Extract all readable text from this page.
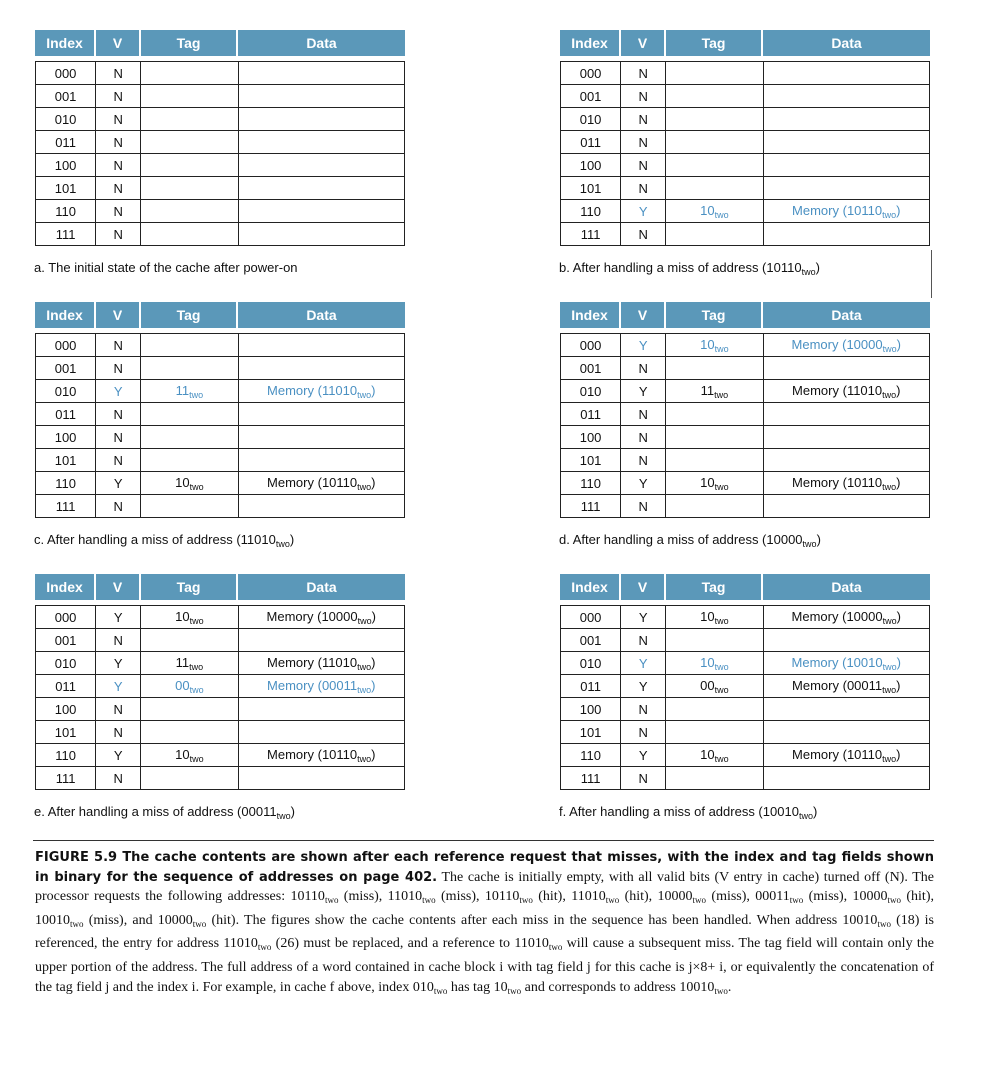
Index	V	Tag	Data
000	N		
001	N		
010	N		
011	N		
100	N		
101	N		
110	N		
111	N		
Index	V	Tag	Data
000	N		
001	N		
010	N		
011	N		
100	N		
101	N		
110	Y	$10_{two}$	Memory $(10110_{two})$
111	N		
Index	V	Tag	Data
000	N		
001	N		
010	Y	$11_{two}$	Memory $(11010_{two})$
011	N		
100	N		
101	N		
110	Y	$10_{two}$	Memory $(10110_{two})$
111	N		
Index	V	Tag	Data
000	Y	$10_{two}$	Memory $(10000_{two})$
001	N		
010	Y	$11_{two}$	Memory $(11010_{two})$
011	N		
100	N		
101	N		
110	Y	$10_{two}$	Memory $(10110_{two})$
111	N		
Index	V	Tag	Data
000	Y	$10_{two}$	Memory $(10000_{two})$
001	N		
010	Y	$11_{two}$	Memory $(11010_{two})$
011	Y	$00_{two}$	Memory $(00011_{two})$
100	N		
101	N		
110	Y	$10_{two}$	Memory $(10110_{two})$
111	N		
Index	V	Tag	Data
000	Y	$10_{two}$	Memory $(10000_{two})$
001	N		
010	Y	$10_{two}$	Memory $(10010_{two})$
011	Y	$00_{two}$	Memory $(00011_{two})$
100	N		
101	N		
110	Y	$10_{two}$	Memory $(10110_{two})$
111	N		
FIGURE 5.9 The cache contents are shown after each reference request that misses, with the index and tag fields shown in binary for the sequence of addresses on page 402. The cache is initially empty, with all valid bits (V entry in cache) turned off (N). The processor requests the following addresses: $10110_{two}$ (miss), $11010_{two}$ (miss), $10110_{two}$ (hit), $11010_{two}$ (hit), $10000_{two}$ (miss), $00011_{two}$ (miss), $10000_{two}$ (hit), $10010_{two}$ (miss), and $10000_{two}$ (hit). The figures show the cache contents after each miss in the sequence has been handled. When address $10010_{two}$ (18) is referenced, the entry for address $11010_{two}$ (26) must be replaced, and a reference to $11010_{two}$ will cause a subsequent miss. The tag field will contain only the upper portion of the address. The full address of a word contained in cache block i with tag field j for this cache is j×8+ i, or equivalently the concatenation of the tag field j and the index i. For example, in cache f above, index $010_{two}$ has tag $10_{two}$ and corresponds to address $10010_{two}$.
a. The initial state of the cache after power-on	b. After handling a miss of address $(10110_{two})$
c. After handling a miss of address $(11010_{two})$	d. After handling a miss of address $(10000_{two})$
e. After handling a miss of address $(00011_{two})$	f. After handling a miss of address $(10010_{two})$
